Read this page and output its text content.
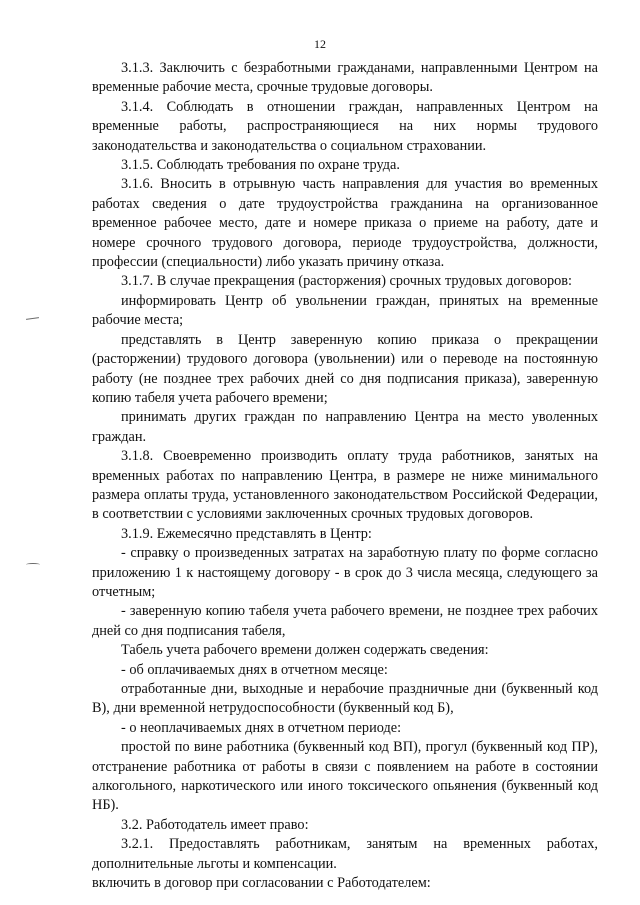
12

3.1.3. Заключить с безработными гражданами, направленными Центром на временные рабочие места, срочные трудовые договоры.

3.1.4. Соблюдать в отношении граждан, направленных Центром на временные работы, распространяющиеся на них нормы трудового законодательства и законодательства о социальном страховании.

3.1.5. Соблюдать требования по охране труда.

3.1.6. Вносить в отрывную часть направления для участия во временных работах сведения о дате трудоустройства гражданина на организованное временное рабочее место, дате и номере приказа о приеме на работу, дате и номере срочного трудового договора, периоде трудоустройства, должности, профессии (специальности) либо указать причину отказа.

3.1.7. В случае прекращения (расторжения) срочных трудовых договоров:

информировать Центр об увольнении граждан, принятых на временные рабочие места;

представлять в Центр заверенную копию приказа о прекращении (расторжении) трудового договора (увольнении) или о переводе на постоянную работу (не позднее трех рабочих дней со дня подписания приказа), заверенную копию табеля учета рабочего времени;

принимать других граждан по направлению Центра на место уволенных граждан.

3.1.8. Своевременно производить оплату труда работников, занятых на временных работах по направлению Центра, в размере не ниже минимального размера оплаты труда, установленного законодательством Российской Федерации, в соответствии с условиями заключенных срочных трудовых договоров.

3.1.9. Ежемесячно представлять в Центр:

- справку о произведенных затратах на заработную плату по форме согласно приложению 1 к настоящему договору - в срок до 3 числа месяца, следующего за отчетным;

- заверенную копию табеля учета рабочего времени, не позднее трех рабочих дней со дня подписания табеля,

Табель учета рабочего времени должен содержать сведения:

- об оплачиваемых днях в отчетном месяце:

отработанные дни, выходные и нерабочие праздничные дни (буквенный код В), дни временной нетрудоспособности (буквенный код Б),

- о неоплачиваемых днях в отчетном периоде:

простой по вине работника (буквенный код ВП), прогул (буквенный код ПР), отстранение работника от работы в связи с появлением на работе в состоянии алкогольного, наркотического или иного токсического опьянения (буквенный код НБ).

3.2. Работодатель имеет право:

3.2.1. Предоставлять работникам, занятым на временных работах, дополнительные льготы и компенсации.

включить в договор при согласовании с Работодателем:
